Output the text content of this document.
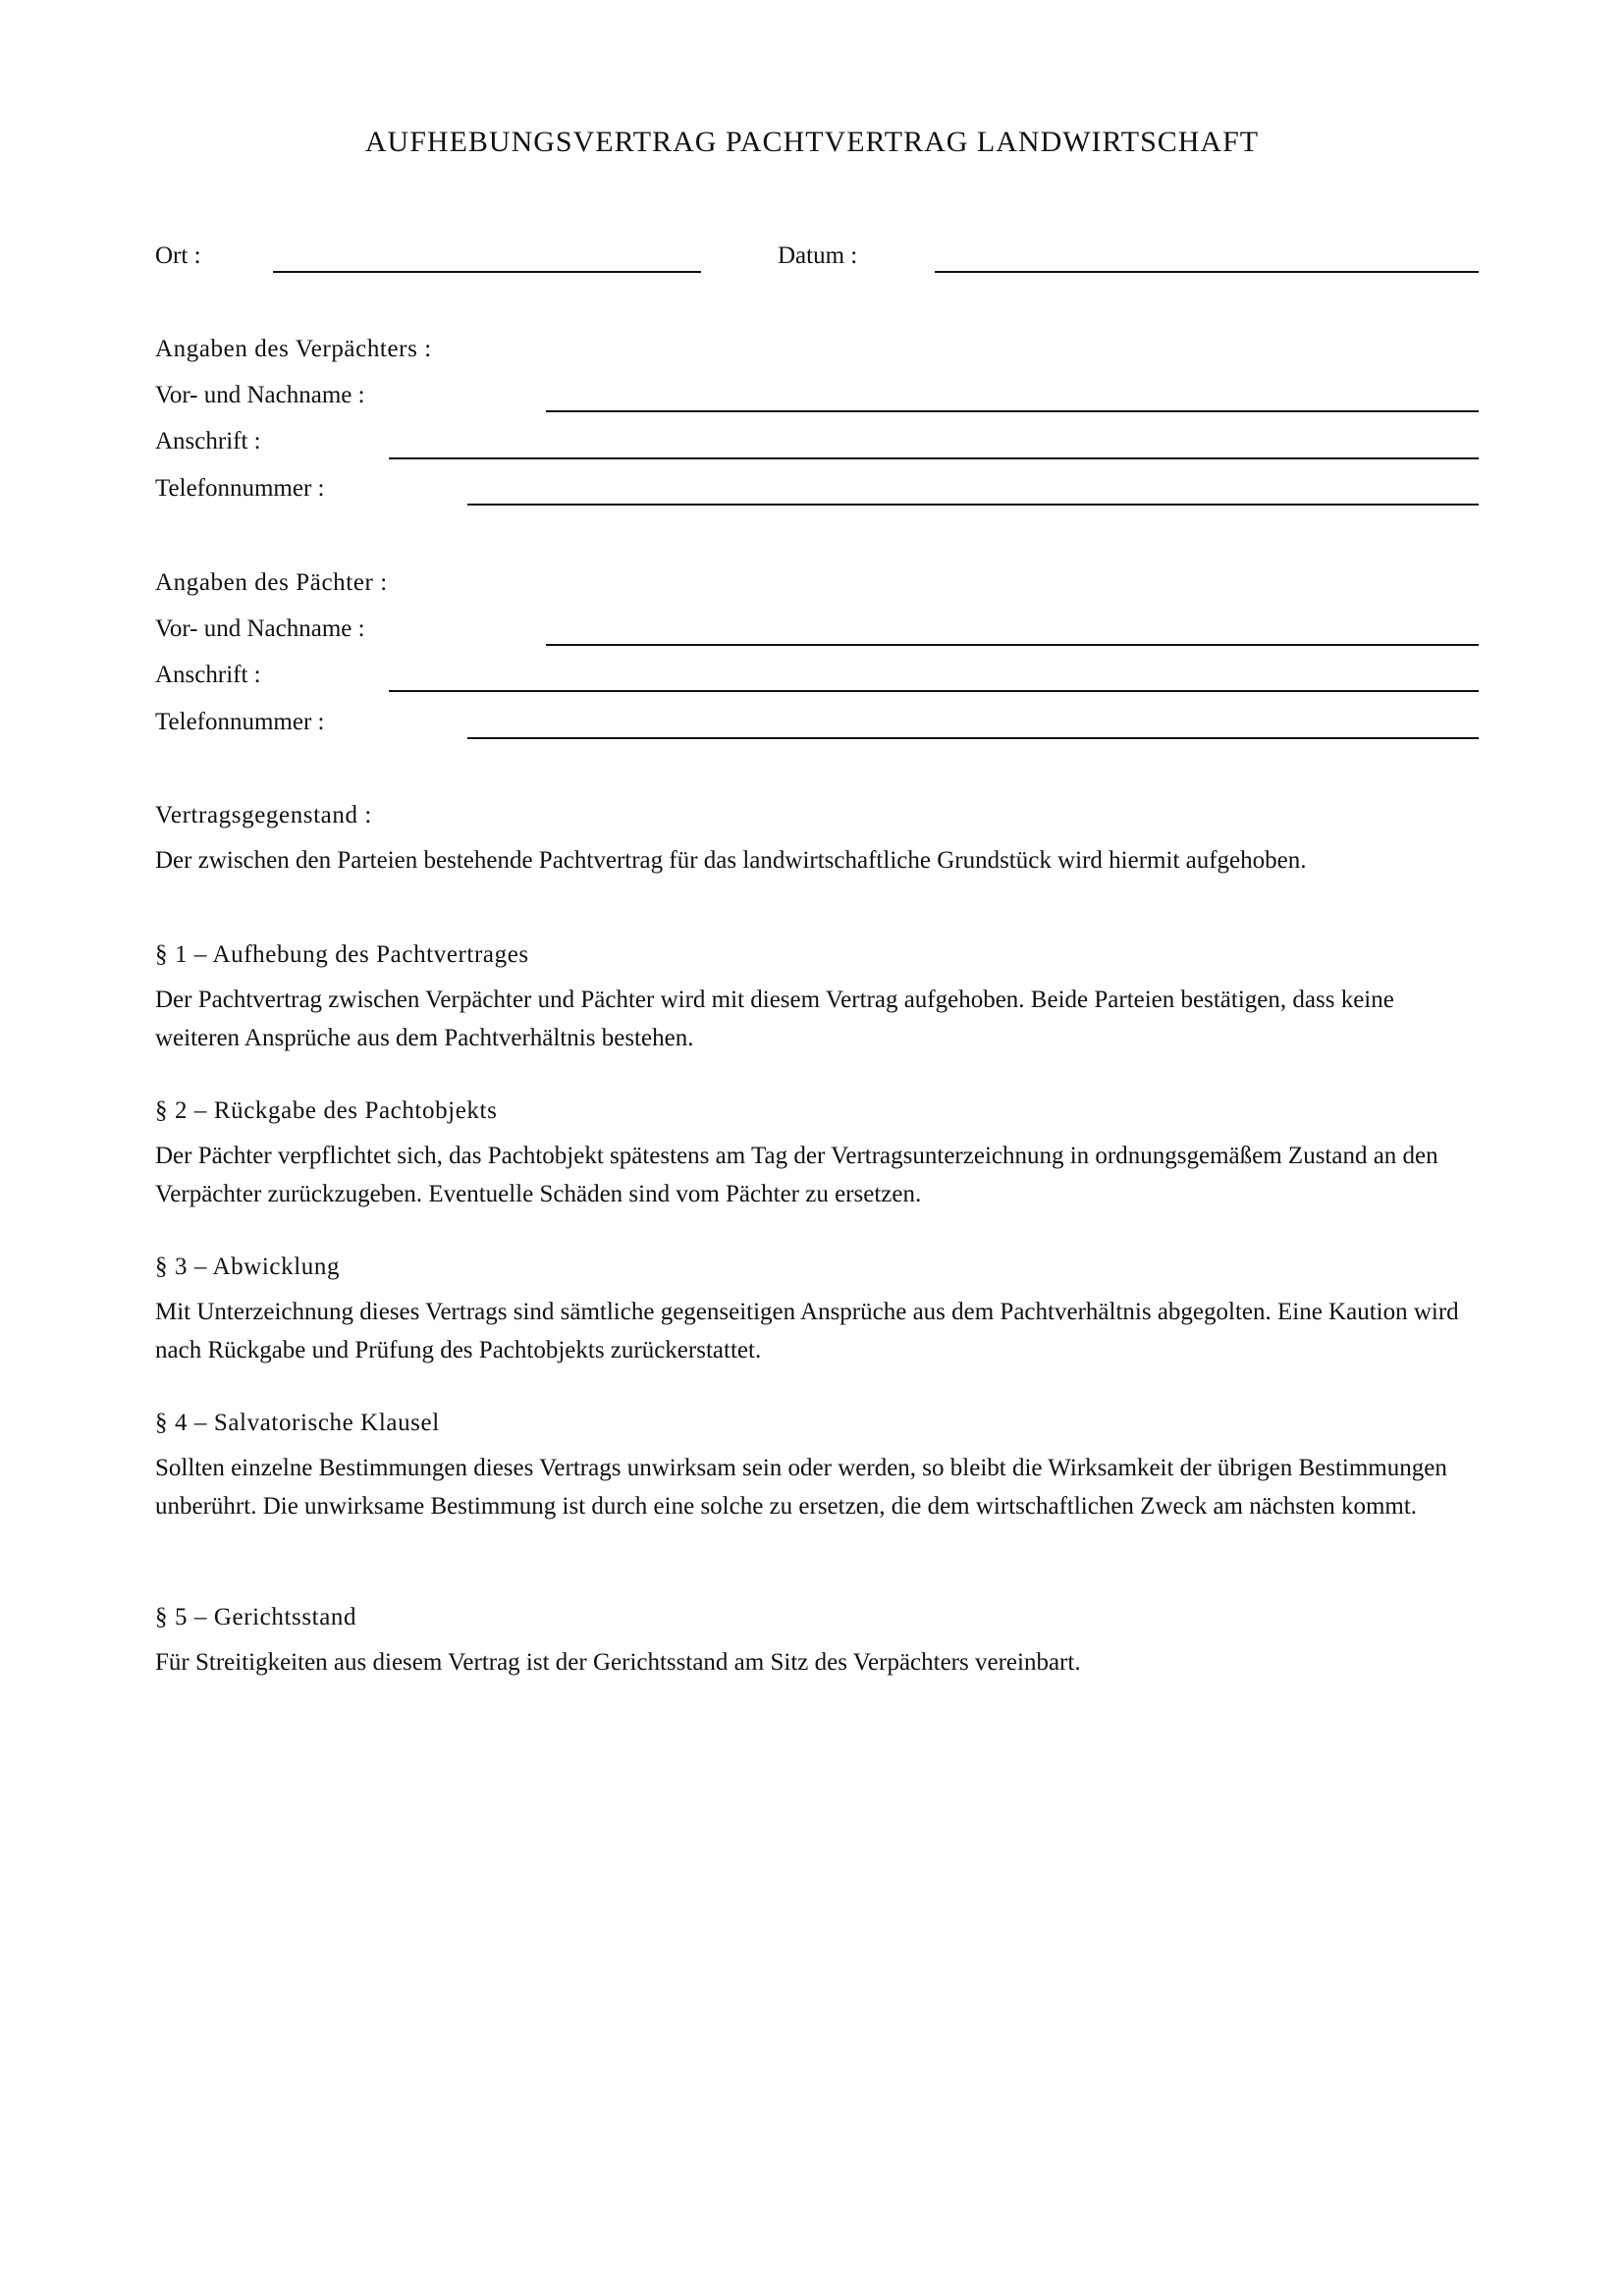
AUFHEBUNGSVERTRAG PACHTVERTRAG LANDWIRTSCHAFT
Ort :	Datum :
Angaben des Verpächters :
Vor- und Nachname :
Anschrift :
Telefonnummer :
Angaben des Pächter :
Vor- und Nachname :
Anschrift :
Telefonnummer :
Vertragsgegenstand :

Der zwischen den Parteien bestehende Pachtvertrag für das landwirtschaftliche Grundstück wird hiermit aufgehoben.

§ 1 – Aufhebung des Pachtvertrages

Der Pachtvertrag zwischen Verpächter und Pächter wird mit diesem Vertrag aufgehoben. Beide Parteien bestätigen, dass keine weiteren Ansprüche aus dem Pachtverhältnis bestehen.

§ 2 – Rückgabe des Pachtobjekts

Der Pächter verpflichtet sich, das Pachtobjekt spätestens am Tag der Vertragsunterzeichnung in ordnungsgemäßem Zustand an den Verpächter zurückzugeben. Eventuelle Schäden sind vom Pächter zu ersetzen.

§ 3 – Abwicklung

Mit Unterzeichnung dieses Vertrags sind sämtliche gegenseitigen Ansprüche aus dem Pachtverhältnis abgegolten. Eine Kaution wird nach Rückgabe und Prüfung des Pachtobjekts zurückerstattet.

§ 4 – Salvatorische Klausel

Sollten einzelne Bestimmungen dieses Vertrags unwirksam sein oder werden, so bleibt die Wirksamkeit der übrigen Bestimmungen unberührt. Die unwirksame Bestimmung ist durch eine solche zu ersetzen, die dem wirtschaftlichen Zweck am nächsten kommt.

§ 5 – Gerichtsstand

Für Streitigkeiten aus diesem Vertrag ist der Gerichtsstand am Sitz des Verpächters vereinbart.
